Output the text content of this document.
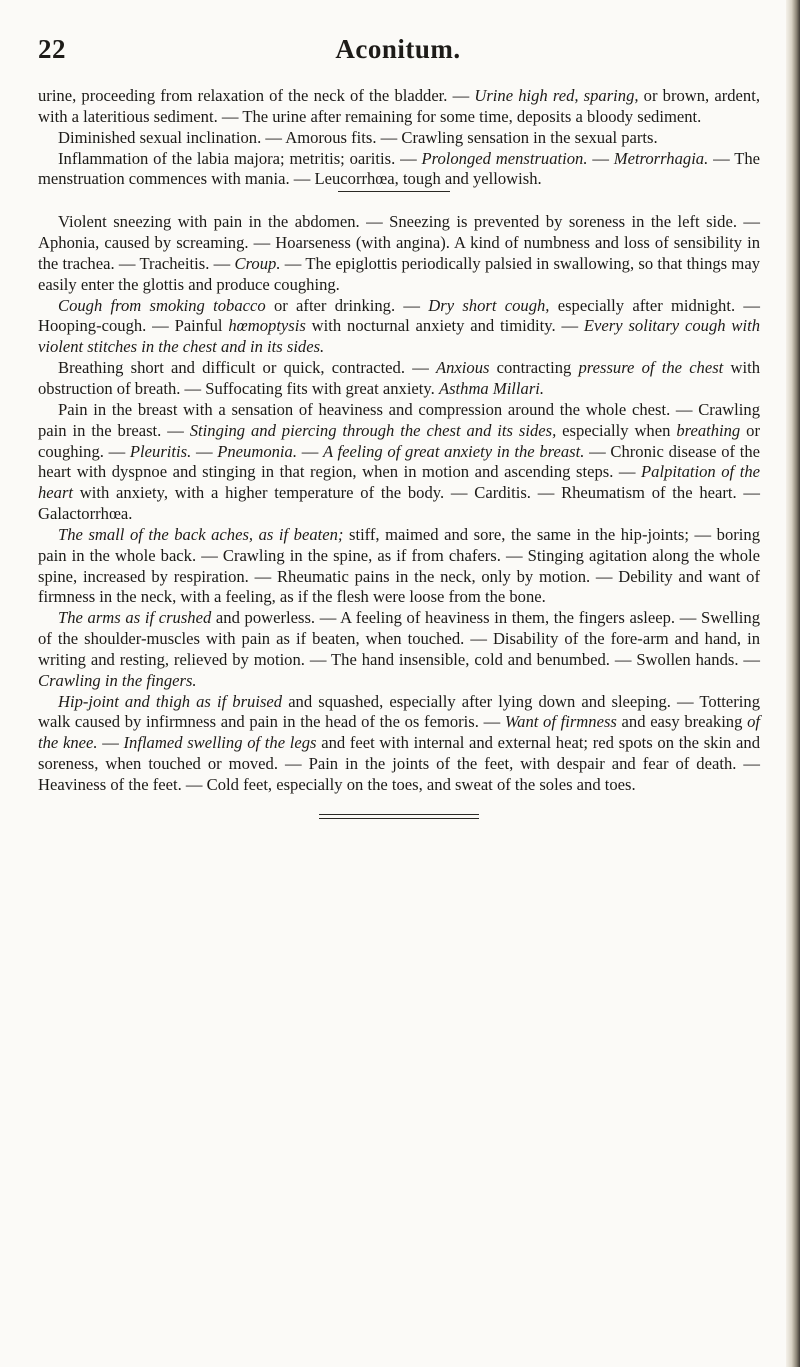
22	Aconitum.

urine, proceeding from relaxation of the neck of the bladder. — Urine high red, sparing, or brown, ardent, with a lateritious sediment. — The urine after remaining for some time, deposits a bloody sediment.

Diminished sexual inclination. — Amorous fits. — Crawling sensation in the sexual parts.

Inflammation of the labia majora; metritis; oaritis. — Prolonged menstruation. — Metrorrhagia. — The menstruation commences with mania. — Leucorrhœa, tough and yellowish.

Violent sneezing with pain in the abdomen. — Sneezing is prevented by soreness in the left side. — Aphonia, caused by screaming. — Hoarseness (with angina). A kind of numbness and loss of sensibility in the trachea. — Tracheitis. — Croup. — The epiglottis periodically palsied in swallowing, so that things may easily enter the glottis and produce coughing.

Cough from smoking tobacco or after drinking. — Dry short cough, especially after midnight. — Hooping-cough. — Painful hœmoptysis with nocturnal anxiety and timidity. — Every solitary cough with violent stitches in the chest and in its sides.

Breathing short and difficult or quick, contracted. — Anxious contracting pressure of the chest with obstruction of breath. — Suffocating fits with great anxiety. Asthma Millari.

Pain in the breast with a sensation of heaviness and compression around the whole chest. — Crawling pain in the breast. — Stinging and piercing through the chest and its sides, especially when breathing or coughing. — Pleuritis. — Pneumonia. — A feeling of great anxiety in the breast. — Chronic disease of the heart with dyspnoe and stinging in that region, when in motion and ascending steps. — Palpitation of the heart with anxiety, with a higher temperature of the body. — Carditis. — Rheumatism of the heart. — Galactorrhœa.

The small of the back aches, as if beaten; stiff, maimed and sore, the same in the hip-joints; — boring pain in the whole back. — Crawling in the spine, as if from chafers. — Stinging agitation along the whole spine, increased by respiration. — Rheumatic pains in the neck, only by motion. — Debility and want of firmness in the neck, with a feeling, as if the flesh were loose from the bone.

The arms as if crushed and powerless. — A feeling of heaviness in them, the fingers asleep. — Swelling of the shoulder-muscles with pain as if beaten, when touched. — Disability of the fore-arm and hand, in writing and resting, relieved by motion. — The hand insensible, cold and benumbed. — Swollen hands. — Crawling in the fingers.

Hip-joint and thigh as if bruised and squashed, especially after lying down and sleeping. — Tottering walk caused by infirmness and pain in the head of the os femoris. — Want of firmness and easy breaking of the knee. — Inflamed swelling of the legs and feet with internal and external heat; red spots on the skin and soreness, when touched or moved. — Pain in the joints of the feet, with despair and fear of death. — Heaviness of the feet. — Cold feet, especially on the toes, and sweat of the soles and toes.
